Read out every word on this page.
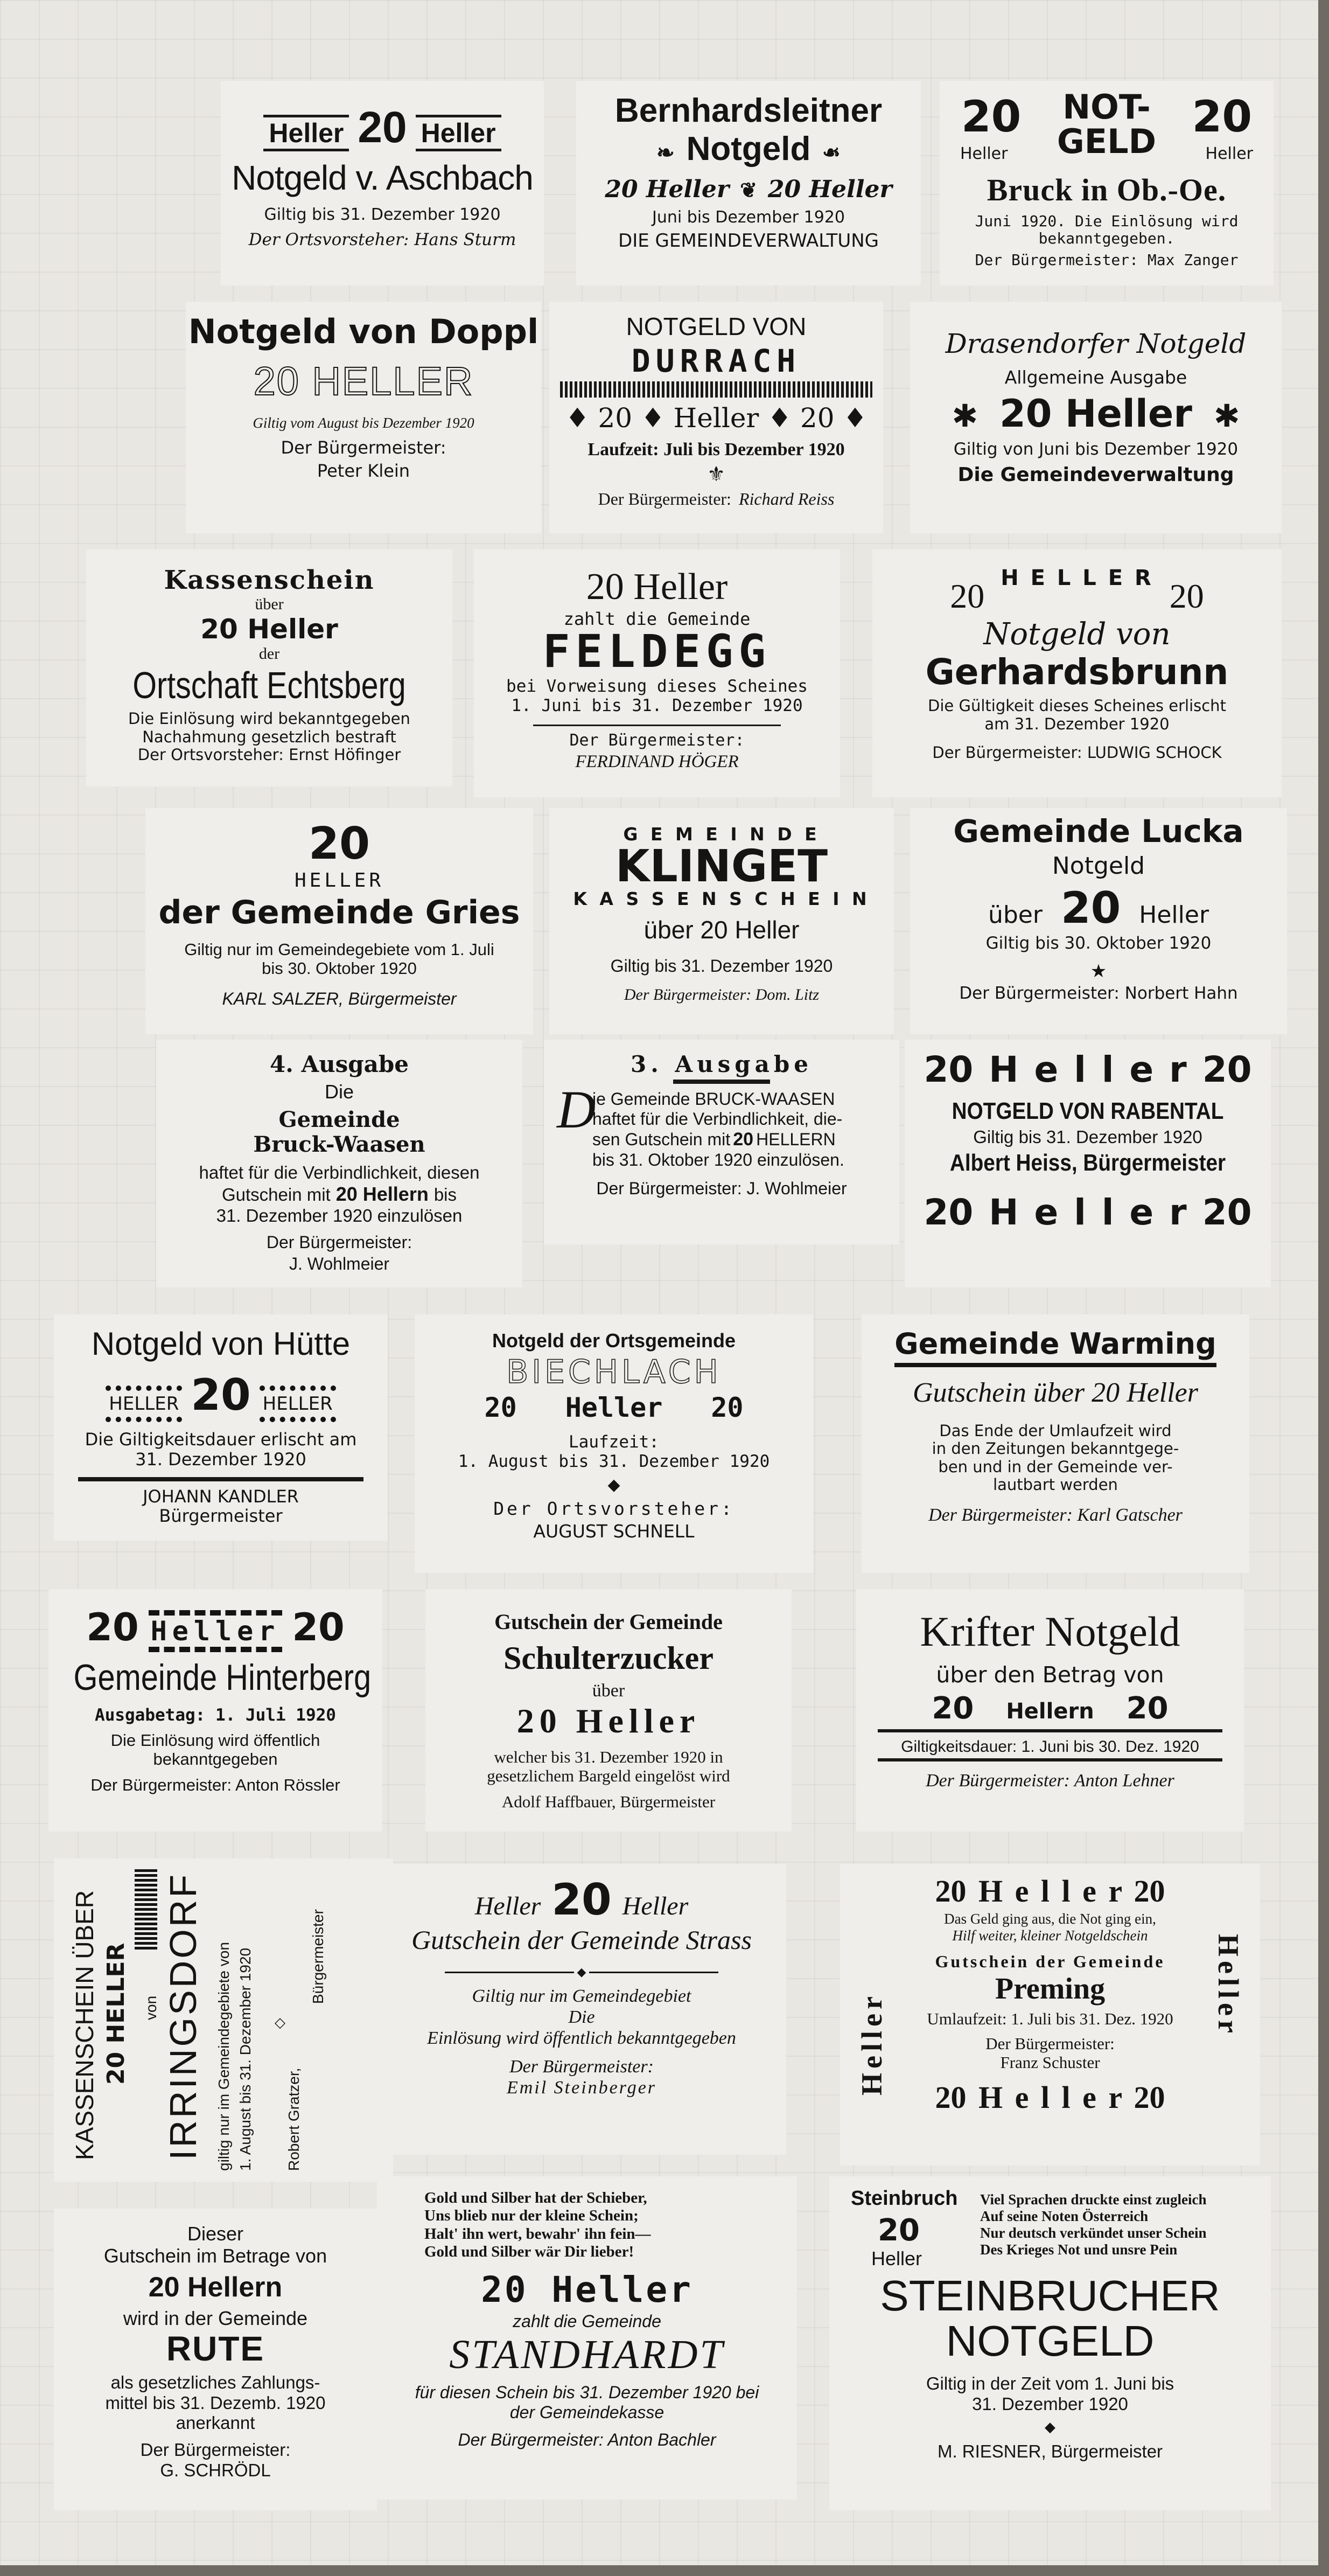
Heller 20 Heller
Notgeld v. Aschbach
Giltig bis 31. Dezember 1920
Der Ortsvorsteher: Hans Sturm
Bernhardsleitner
❧ Notgeld ❧
20 Heller ❦ 20 Heller
Juni bis Dezember 1920
DIE GEMEINDEVERWALTUNG
20
Heller
NOT-
GELD 20
Heller
Bruck in Ob.-Oe.
Juni 1920. Die Einlösung wird
bekanntgegeben.
Der Bürgermeister: Max Zanger
Notgeld von Doppl
20 HELLER
Giltig vom August bis Dezember 1920
Der Bürgermeister:
Peter Klein
NOTGELD VON
DURRACH
♦ 20 ♦ Heller ♦ 20 ♦
Laufzeit: Juli bis Dezember 1920
⚜
Der Bürgermeister: Richard Reiss
Drasendorfer Notgeld
Allgemeine Ausgabe
✱ 20 Heller ✱
Giltig von Juni bis Dezember 1920
Die Gemeindeverwaltung
Kassenschein
über
20 Heller
der
Ortschaft Echtsberg
Die Einlösung wird bekanntgegeben
Nachahmung gesetzlich bestraft
Der Ortsvorsteher: Ernst Höfinger
20 Heller
zahlt die Gemeinde
FELDEGG
bei Vorweisung dieses Scheines
1. Juni bis 31. Dezember 1920
Der Bürgermeister:
FERDINAND HÖGER
20 H E L L E R 20
Notgeld von
Gerhardsbrunn
Die Gültigkeit dieses Scheines erlischt
am 31. Dezember 1920
Der Bürgermeister: LUDWIG SCHOCK
20
HELLER
der Gemeinde Gries
Giltig nur im Gemeindegebiete vom 1. Juli
bis 30. Oktober 1920
KARL SALZER, Bürgermeister
G E M E I N D E
KLINGET
K A S S E N S C H E I N
über 20 Heller
Giltig bis 31. Dezember 1920
Der Bürgermeister: Dom. Litz
Gemeinde Lucka
Notgeld
über 20 Heller
Giltig bis 30. Oktober 1920
★
Der Bürgermeister: Norbert Hahn
4. Ausgabe
Die
Gemeinde
Bruck-Waasen
haftet für die Verbindlichkeit, diesen
Gutschein mit 20 Hellern bis
31. Dezember 1920 einzulösen
Der Bürgermeister:
J. Wohlmeier
3. Ausgabe
D
ie Gemeinde BRUCK-WAASEN
haftet für die Verbindlichkeit, die-
sen Gutschein mit 20 HELLERN
bis 31. Oktober 1920 einzulösen.
Der Bürgermeister: J. Wohlmeier
20 H e l l e r 20
NOTGELD VON RABENTAL
Giltig bis 31. Dezember 1920
Albert Heiss, Bürgermeister
20 H e l l e r 20
Notgeld von Hütte
HELLER 20 HELLER
Die Giltigkeitsdauer erlischt am
31. Dezember 1920
JOHANN KANDLER
Bürgermeister
Notgeld der Ortsgemeinde
BIECHLACH
20 Heller 20
Laufzeit:
1. August bis 31. Dezember 1920
◆
Der Ortsvorsteher:
AUGUST SCHNELL
Gemeinde Warming
Gutschein über 20 Heller
Das Ende der Umlaufzeit wird
in den Zeitungen bekanntgege-
ben und in der Gemeinde ver-
lautbart werden
Der Bürgermeister: Karl Gatscher
20 Heller 20
Gemeinde Hinterberg
Ausgabetag: 1. Juli 1920
Die Einlösung wird öffentlich
bekanntgegeben
Der Bürgermeister: Anton Rössler
Gutschein der Gemeinde
Schulterzucker
über
20 Heller
welcher bis 31. Dezember 1920 in
gesetzlichem Bargeld eingelöst wird
Adolf Haffbauer, Bürgermeister
Krifter Notgeld
über den Betrag von
20 Hellern 20
Giltigkeitsdauer: 1. Juni bis 30. Dez. 1920
Der Bürgermeister: Anton Lehner
KASSENSCHEIN ÜBER 20 HELLER von IRRINGSDORF giltig nur im Gemeindegebiete von 1. August bis 31. Dezember 1920 ◇
Robert Gratzer,
Bürgermeister
Heller 20 Heller
Gutschein der Gemeinde Strass
◆
Giltig nur im Gemeindegebiet
Die
Einlösung wird öffentlich bekanntgegeben
Der Bürgermeister:
Emil Steinberger
20 H e l l e r 20
Heller
Heller
Das Geld ging aus, die Not ging ein,
Hilf weiter, kleiner Notgeldschein
Gutschein der Gemeinde
Preming
Umlaufzeit: 1. Juli bis 31. Dez. 1920
Der Bürgermeister:
Franz Schuster
20 H e l l e r 20
Dieser
Gutschein im Betrage von
20 Hellern
wird in der Gemeinde
RUTE
als gesetzliches Zahlungs-
mittel bis 31. Dezemb. 1920
anerkannt
Der Bürgermeister:
G. SCHRÖDL
Gold und Silber hat der Schieber,
Uns blieb nur der kleine Schein;
Halt' ihn wert, bewahr' ihn fein—
Gold und Silber wär Dir lieber!
20 Heller
zahlt die Gemeinde
STANDHARDT
für diesen Schein bis 31. Dezember 1920 bei
der Gemeindekasse
Der Bürgermeister: Anton Bachler
Steinbruch
20
Heller
Viel Sprachen druckte einst zugleich
Auf seine Noten Österreich
Nur deutsch verkündet unser Schein
Des Krieges Not und unsre Pein
STEINBRUCHER
NOTGELD
Giltig in der Zeit vom 1. Juni bis
31. Dezember 1920
◆
M. RIESNER, Bürgermeister
